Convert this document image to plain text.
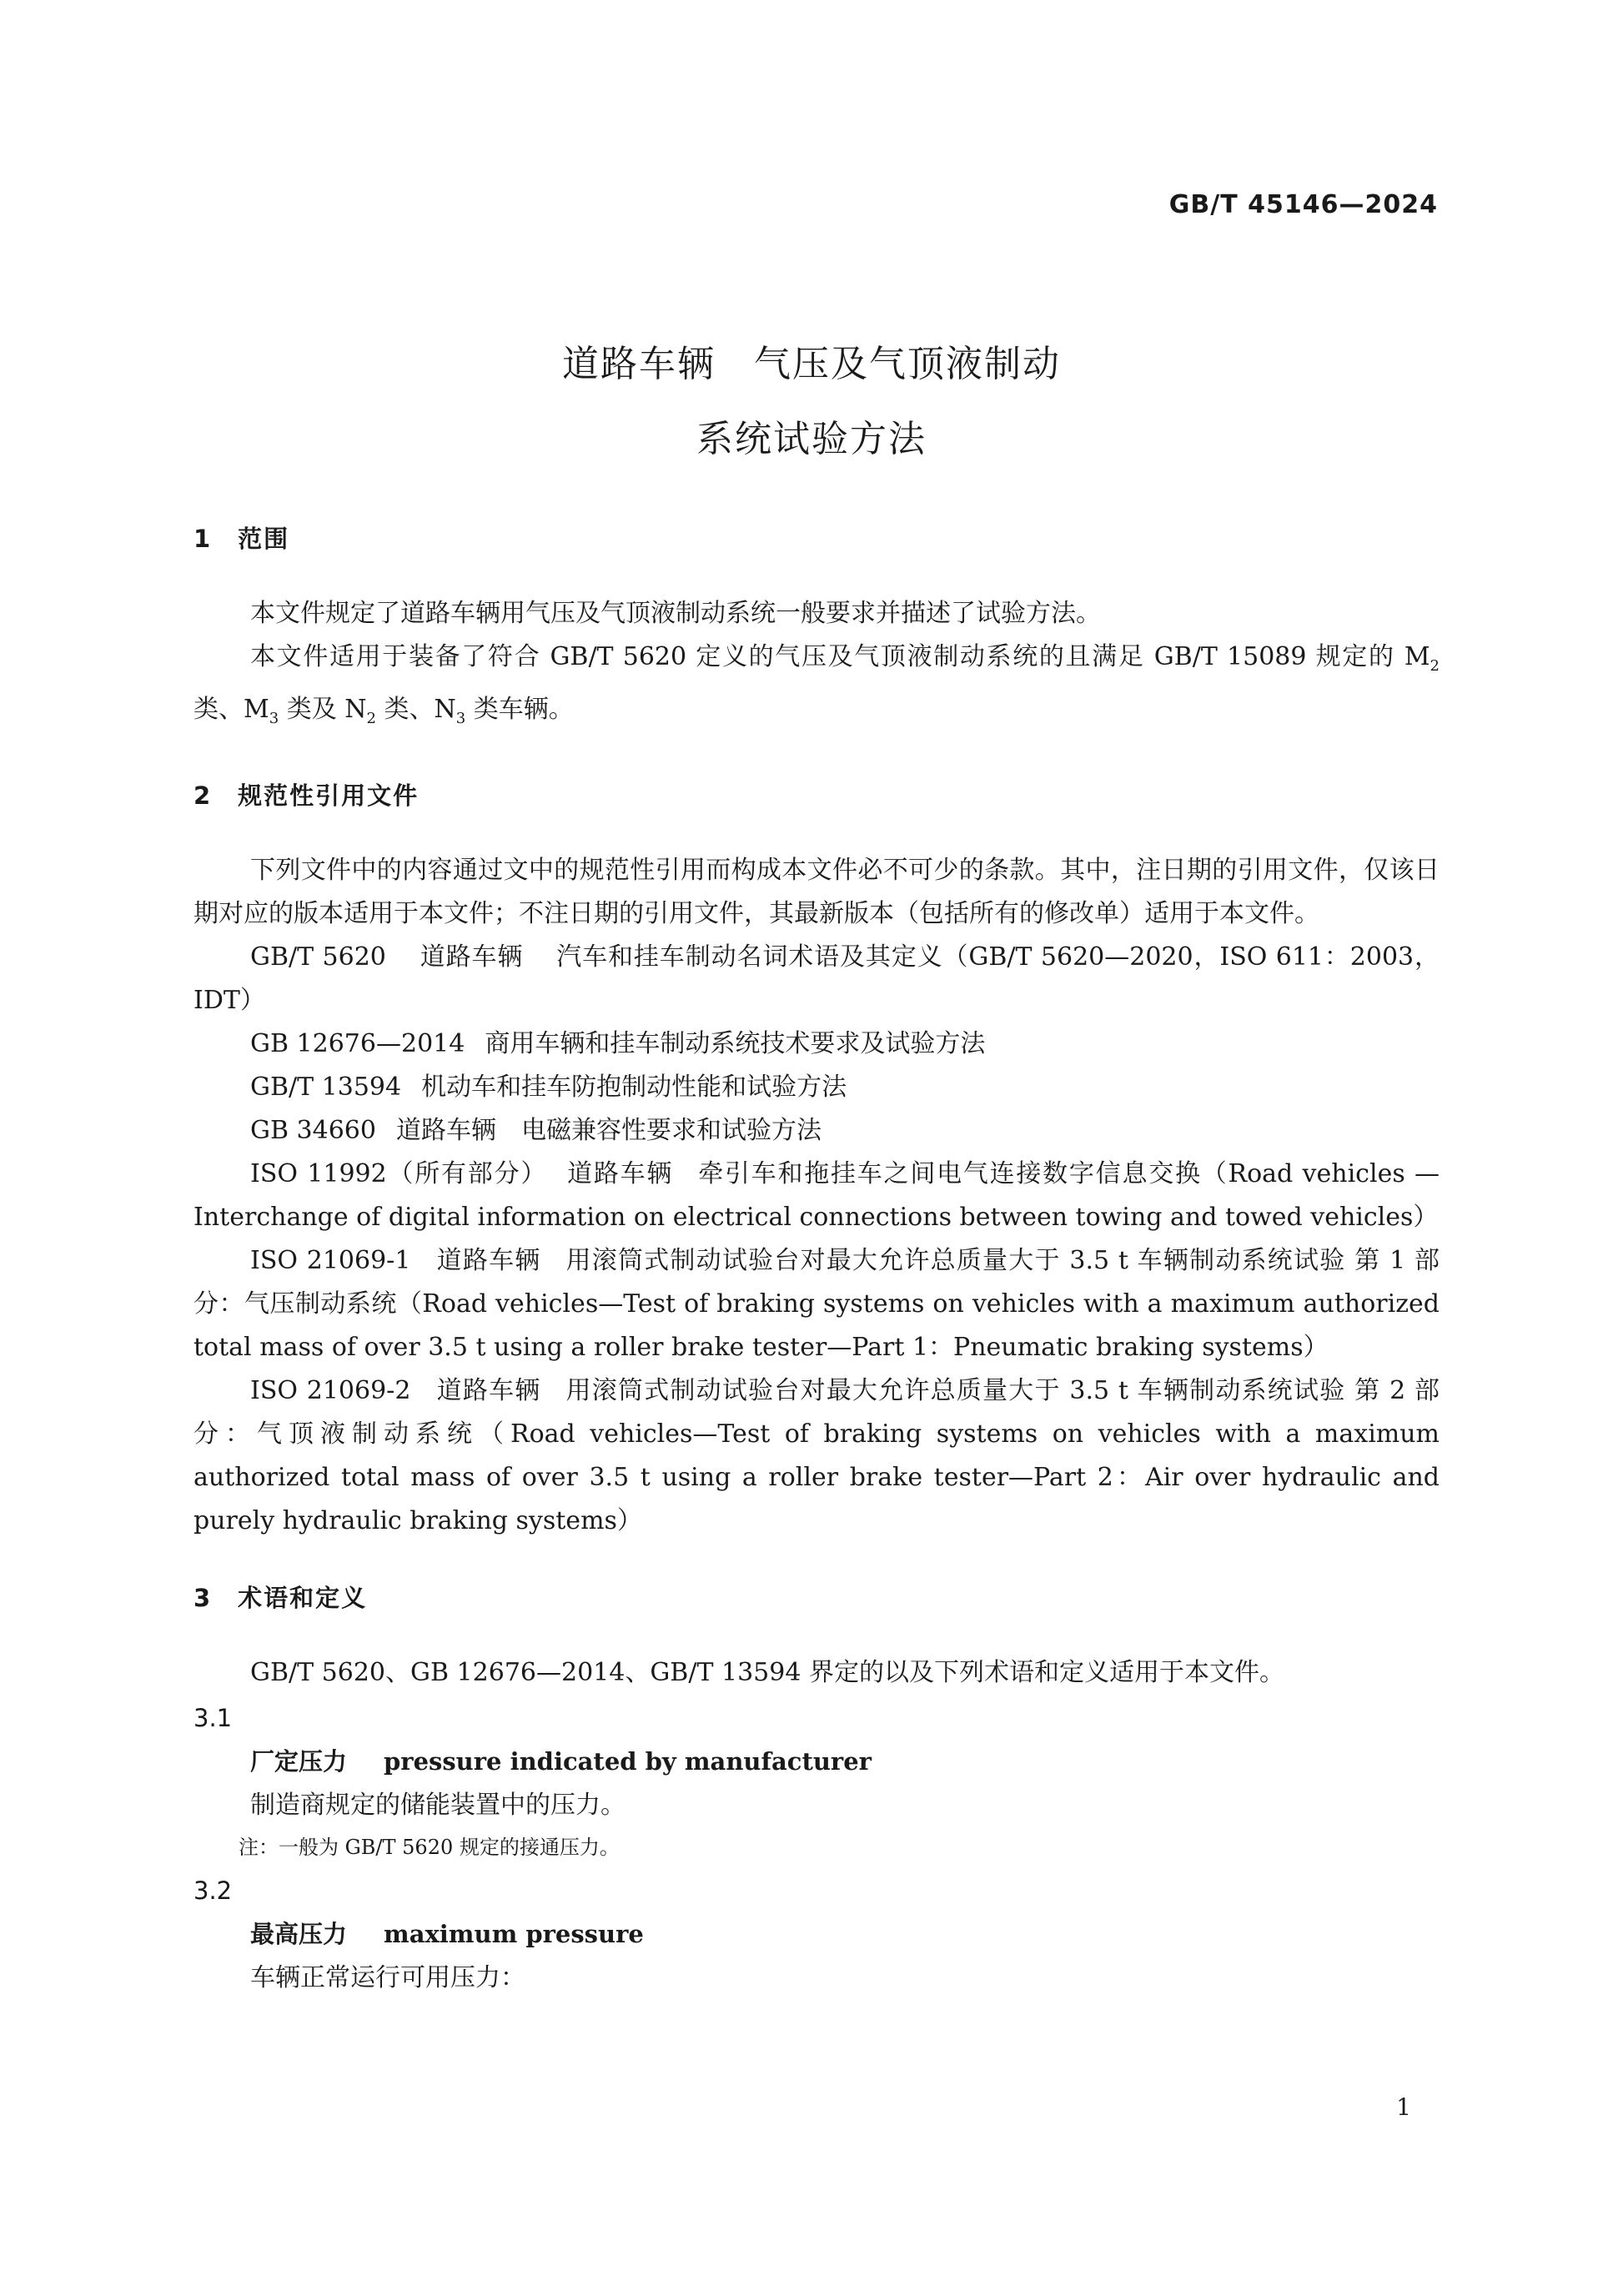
GB/T 45146—2024
道路车辆　气压及气顶液制动
系统试验方法
1　范围

本文件规定了道路车辆用气压及气顶液制动系统一般要求并描述了试验方法。

本文件适用于装备了符合 GB/T 5620 定义的气压及气顶液制动系统的且满足 GB/T 15089 规定的 $M_2$ 类、$M_3$ 类及 $N_2$ 类、$N_3$ 类车辆。

2　规范性引用文件

下列文件中的内容通过文中的规范性引用而构成本文件必不可少的条款。其中，注日期的引用文件，仅该日期对应的版本适用于本文件；不注日期的引用文件，其最新版本（包括所有的修改单）适用于本文件。

GB/T 5620 道路车辆 汽车和挂车制动名词术语及其定义（GB/T 5620—2020，ISO 611：2003，IDT）

GB 12676—2014 商用车辆和挂车制动系统技术要求及试验方法

GB/T 13594 机动车和挂车防抱制动性能和试验方法

GB 34660 道路车辆 电磁兼容性要求和试验方法

ISO 11992（所有部分） 道路车辆 牵引车和拖挂车之间电气连接数字信息交换（Road vehicles — Interchange of digital information on electrical connections between towing and towed vehicles）

ISO 21069-1 道路车辆 用滚筒式制动试验台对最大允许总质量大于 3.5 t 车辆制动系统试验 第 1 部分：气压制动系统（Road vehicles—Test of braking systems on vehicles with a maximum authorized total mass of over 3.5 t using a roller brake tester—Part 1：Pneumatic braking systems）

ISO 21069-2 道路车辆 用滚筒式制动试验台对最大允许总质量大于 3.5 t 车辆制动系统试验 第 2 部分：气顶液制动系统（Road vehicles—Test of braking systems on vehicles with a maximum authorized total mass of over 3.5 t using a roller brake tester—Part 2：Air over hydraulic and purely hydraulic braking systems）

3　术语和定义

GB/T 5620、GB 12676—2014、GB/T 13594 界定的以及下列术语和定义适用于本文件。

3.1
厂定压力 pressure indicated by manufacturer
制造商规定的储能装置中的压力。
注：一般为 GB/T 5620 规定的接通压力。
3.2
最高压力 maximum pressure
车辆正常运行可用压力：
1
